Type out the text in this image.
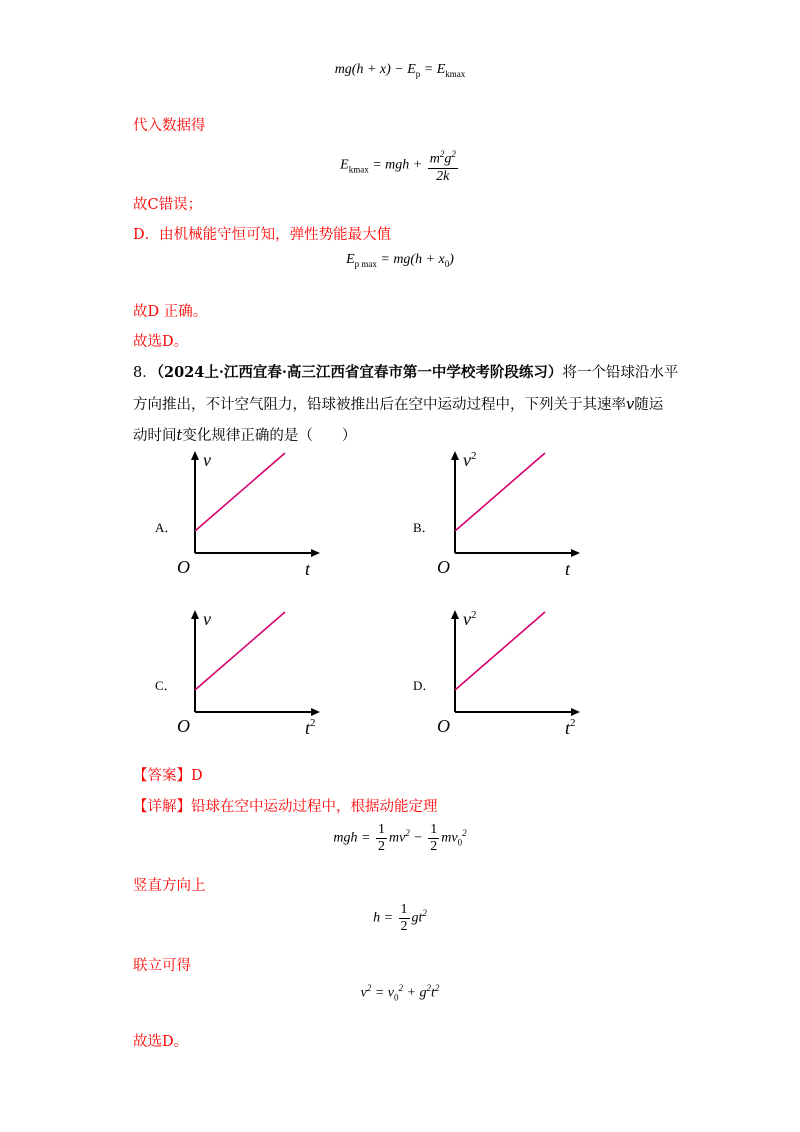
$mg(h + x) - E_p = E_{kmax}$
代入数据得
$E_{kmax}$ = mgh + $\frac{m^2g^2}{2k}$
故C错误；
D．由机械能守恒可知，弹性势能最大值
$E_{p max} = mg(h + x_0)$
故D 正确。
故选D。
8．（2024上·江西宜春·高三江西省宜春市第一中学校考阶段练习）将一个铅球沿水平
方向推出，不计空气阻力，铅球被推出后在空中运动过程中，下列关于其速率v随运
动时间t变化规律正确的是（　　）
A．
v
t
O
B．
$v^2$
t
O
C．
v
$t^2$
O
D．
$v^2$
$t^2$
O
【答案】D
【详解】铅球在空中运动过程中，根据动能定理
mgh = $\frac{1}{2} mv^2 - \frac{1}{2} mv_0^2$
竖直方向上
$h = \frac{1}{2} gt^2$
联立可得
$v^2 = v_0^2 + g^2t^2$
故选D。
